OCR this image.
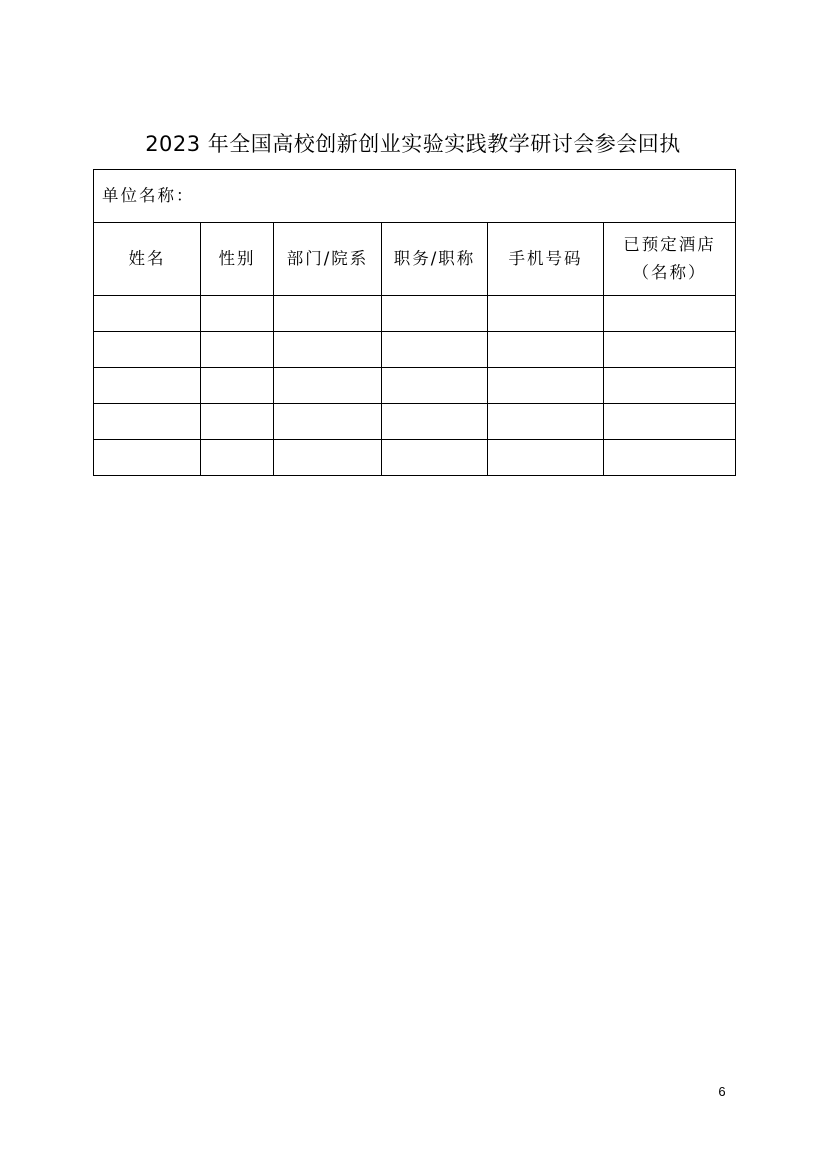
2023 年全国高校创新创业实验实践教学研讨会参会回执
单位名称：					
姓名	性别	部门/院系	职务/职称	手机号码	已预定酒店
（名称）

6
